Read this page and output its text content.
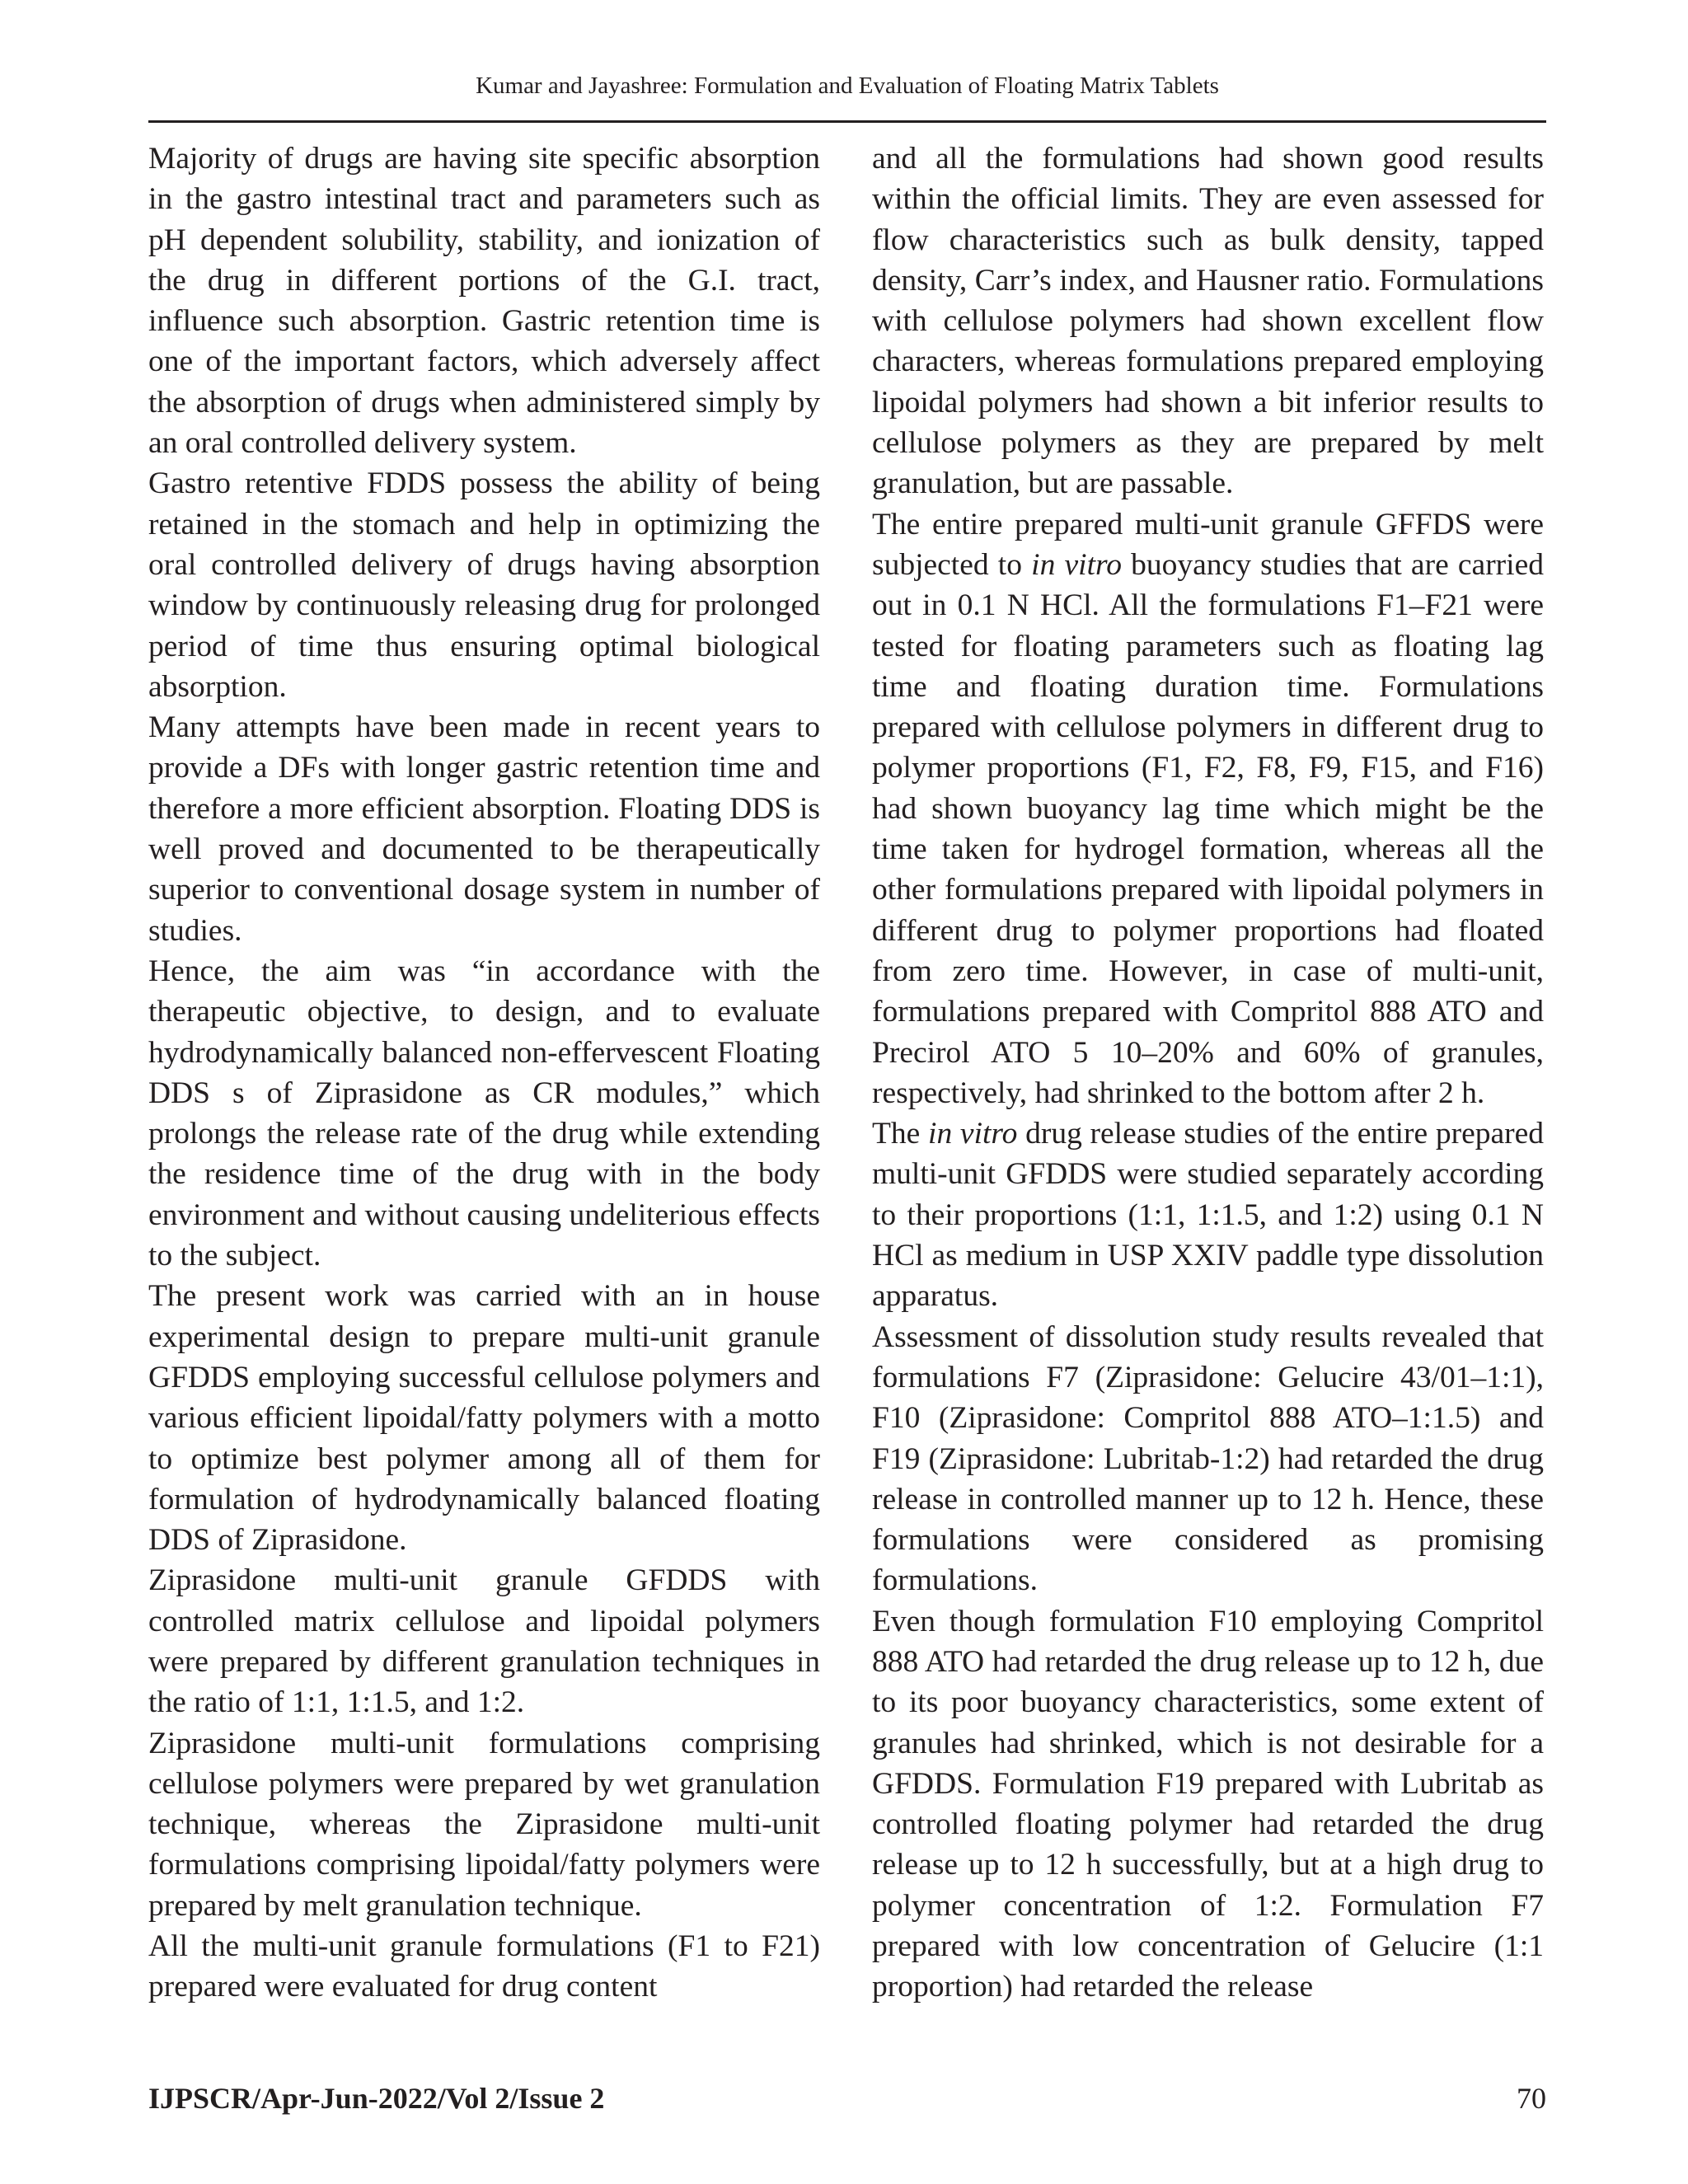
Kumar and Jayashree: Formulation and Evaluation of Floating Matrix Tablets

Majority of drugs are having site specific absorption in the gastro intestinal tract and parameters such as pH dependent solubility, stability, and ionization of the drug in different portions of the G.I. tract, influence such absorption. Gastric retention time is one of the important factors, which adversely affect the absorption of drugs when administered simply by an oral controlled delivery system.

Gastro retentive FDDS possess the ability of being retained in the stomach and help in optimizing the oral controlled delivery of drugs having absorption window by continuously releasing drug for prolonged period of time thus ensuring optimal biological absorption.

Many attempts have been made in recent years to provide a DFs with longer gastric retention time and therefore a more efficient absorption. Floating DDS is well proved and documented to be therapeutically superior to conventional dosage system in number of studies.

Hence, the aim was “in accordance with the therapeutic objective, to design, and to evaluate hydrodynamically balanced non-effervescent Floating DDS s of Ziprasidone as CR modules,” which prolongs the release rate of the drug while extending the residence time of the drug with in the body environment and without causing undeliterious effects to the subject.

The present work was carried with an in house experimental design to prepare multi-unit granule GFDDS employing successful cellulose polymers and various efficient lipoidal/fatty polymers with a motto to optimize best polymer among all of them for formulation of hydrodynamically balanced floating DDS of Ziprasidone.

Ziprasidone multi-unit granule GFDDS with controlled matrix cellulose and lipoidal polymers were prepared by different granulation techniques in the ratio of 1:1, 1:1.5, and 1:2.

Ziprasidone multi-unit formulations comprising cellulose polymers were prepared by wet granulation technique, whereas the Ziprasidone multi-unit formulations comprising lipoidal/fatty polymers were prepared by melt granulation technique.

All the multi-unit granule formulations (F1 to F21) prepared were evaluated for drug content

and all the formulations had shown good results within the official limits. They are even assessed for flow characteristics such as bulk density, tapped density, Carr’s index, and Hausner ratio. Formulations with cellulose polymers had shown excellent flow characters, whereas formulations prepared employing lipoidal polymers had shown a bit inferior results to cellulose polymers as they are prepared by melt granulation, but are passable.

The entire prepared multi-unit granule GFFDS were subjected to in vitro buoyancy studies that are carried out in 0.1 N HCl. All the formulations F1–F21 were tested for floating parameters such as floating lag time and floating duration time. Formulations prepared with cellulose polymers in different drug to polymer proportions (F1, F2, F8, F9, F15, and F16) had shown buoyancy lag time which might be the time taken for hydrogel formation, whereas all the other formulations prepared with lipoidal polymers in different drug to polymer proportions had floated from zero time. However, in case of multi-unit, formulations prepared with Compritol 888 ATO and Precirol ATO 5 10–20% and 60% of granules, respectively, had shrinked to the bottom after 2 h.

The in vitro drug release studies of the entire prepared multi-unit GFDDS were studied separately according to their proportions (1:1, 1:1.5, and 1:2) using 0.1 N HCl as medium in USP XXIV paddle type dissolution apparatus.

Assessment of dissolution study results revealed that formulations F7 (Ziprasidone: Gelucire 43/01–1:1), F10 (Ziprasidone: Compritol 888 ATO–1:1.5) and F19 (Ziprasidone: Lubritab-1:2) had retarded the drug release in controlled manner up to 12 h. Hence, these formulations were considered as promising formulations.

Even though formulation F10 employing Compritol 888 ATO had retarded the drug release up to 12 h, due to its poor buoyancy characteristics, some extent of granules had shrinked, which is not desirable for a GFDDS. Formulation F19 prepared with Lubritab as controlled floating polymer had retarded the drug release up to 12 h successfully, but at a high drug to polymer concentration of 1:2. Formulation F7 prepared with low concentration of Gelucire (1:1 proportion) had retarded the release

IJPSCR/Apr-Jun-2022/Vol 2/Issue 2	70
